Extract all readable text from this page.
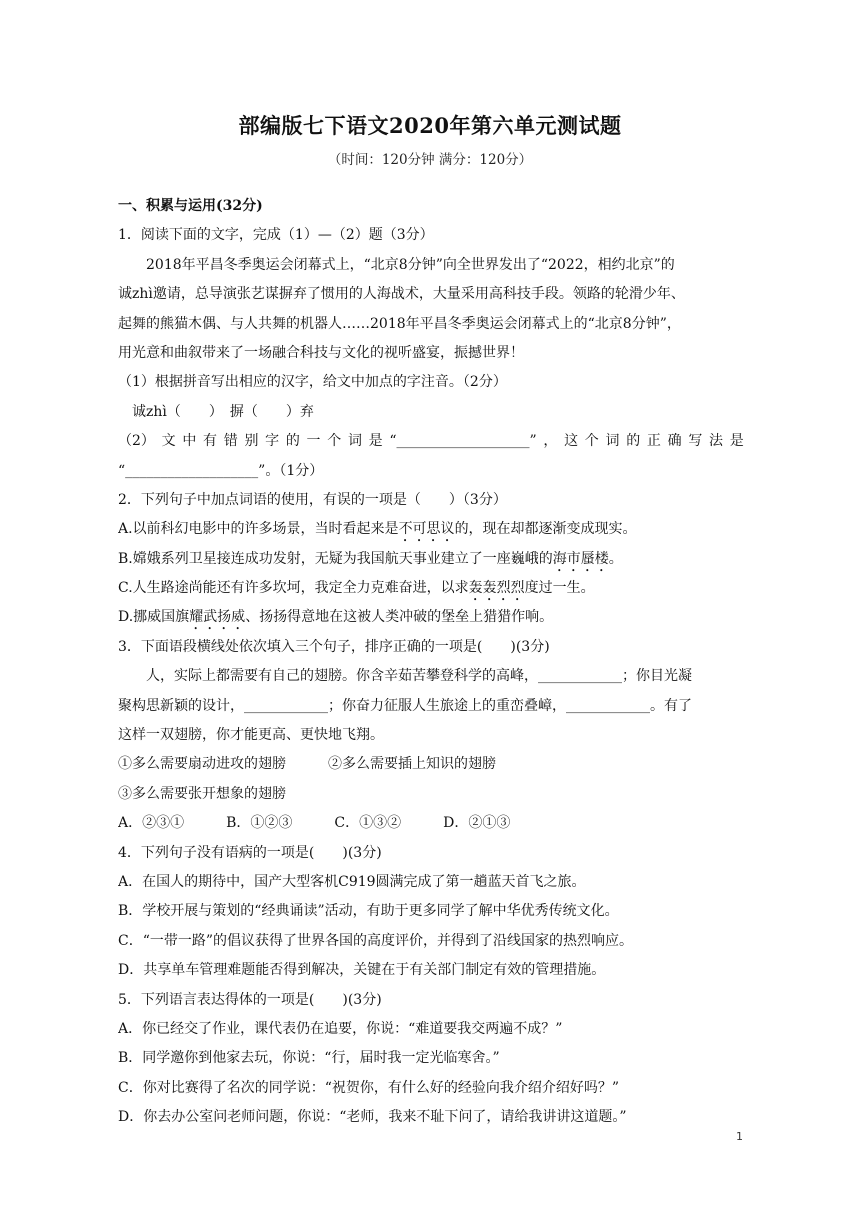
部编版七下语文2020年第六单元测试题
（时间：120分钟 满分：120分）
一、积累与运用(32分)
1．阅读下面的文字，完成（1）—（2）题（3分）
2018年平昌冬季奥运会闭幕式上，“北京8分钟”向全世界发出了“2022，相约北京”的
诚zhì邀请，总导演张艺谋摒弃了惯用的人海战术，大量采用高科技手段。领路的轮滑少年、
起舞的熊猫木偶、与人共舞的机器人……2018年平昌冬季奥运会闭幕式上的“北京8分钟”，
用光意和曲叙带来了一场融合科技与文化的视听盛宴，振撼世界！
（1）根据拼音写出相应的汉字，给文中加点的字注音。（2分）
诚zhì（　　）　摒（　　）弃
（2） 文 中 有 错 别 字 的 一 个 词 是 “___________________” ， 这 个 词 的 正 确 写 法 是
“___________________”。（1分）
2．下列句子中加点词语的使用，有误的一项是（　　）（3分）
A.以前科幻电影中的许多场景，当时看起来是不可思议的，现在却都逐渐变成现实。
B.嫦娥系列卫星接连成功发射，无疑为我国航天事业建立了一座巍峨的海市蜃楼。
C.人生路途尚能还有许多坎坷，我定全力克难奋进，以求轰轰烈烈度过一生。
D.挪威国旗耀武扬威、扬扬得意地在这被人类冲破的堡垒上猎猎作响。
3．下面语段横线处依次填入三个句子，排序正确的一项是(　　)(3分)
人，实际上都需要有自己的翅膀。你含辛茹苦攀登科学的高峰，____________；你目光凝
聚构思新颖的设计，____________；你奋力征服人生旅途上的重峦叠嶂，____________。有了
这样一双翅膀，你才能更高、更快地飞翔。
①多么需要扇动进攻的翅膀　　　②多么需要插上知识的翅膀
③多么需要张开想象的翅膀
A．②③①　　　B．①②③　　　C．①③②　　　D．②①③
4．下列句子没有语病的一项是(　　)(3分)
A．在国人的期待中，国产大型客机C919圆满完成了第一趟蓝天首飞之旅。
B．学校开展与策划的“经典诵读”活动，有助于更多同学了解中华优秀传统文化。
C．“一带一路”的倡议获得了世界各国的高度评价，并得到了沿线国家的热烈响应。
D．共享单车管理难题能否得到解决，关键在于有关部门制定有效的管理措施。
5．下列语言表达得体的一项是(　　)(3分)
A．你已经交了作业，课代表仍在追要，你说：“难道要我交两遍不成？”
B．同学邀你到他家去玩，你说：“行，届时我一定光临寒舍。”
C．你对比赛得了名次的同学说：“祝贺你，有什么好的经验向我介绍介绍好吗？”
D．你去办公室问老师问题，你说：“老师，我来不耻下问了，请给我讲讲这道题。”
1
